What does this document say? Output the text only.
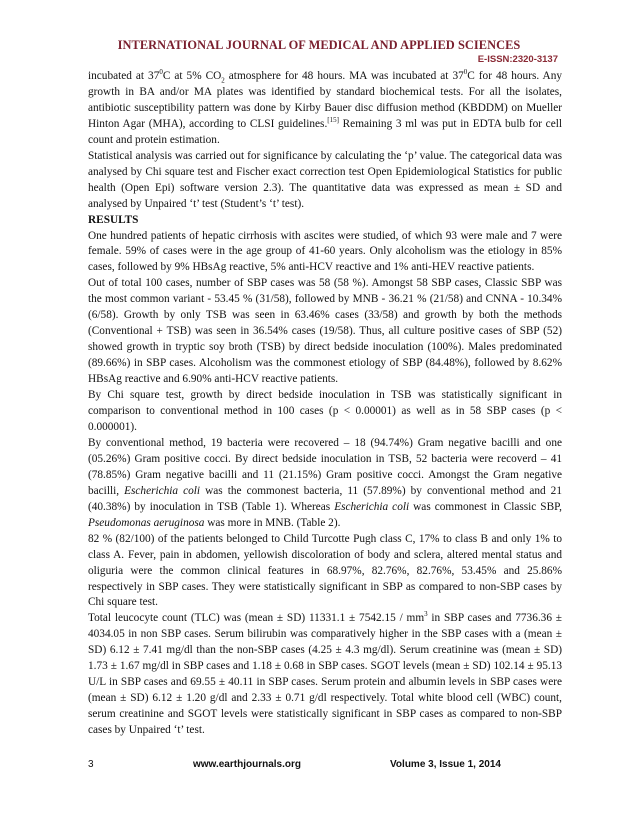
INTERNATIONAL JOURNAL OF MEDICAL AND APPLIED SCIENCES
E-ISSN:2320-3137

incubated at $37^0C$ at 5% $CO_2$ atmosphere for 48 hours. MA was incubated at $37^0C$ for 48 hours. Any growth in BA and/or MA plates was identified by standard biochemical tests. For all the isolates, antibiotic susceptibility pattern was done by Kirby Bauer disc diffusion method (KBDDM) on Mueller Hinton Agar (MHA), according to CLSI guidelines.[15] Remaining 3 ml was put in EDTA bulb for cell count and protein estimation.

Statistical analysis was carried out for significance by calculating the ‘p’ value. The categorical data was analysed by Chi square test and Fischer exact correction test Open Epidemiological Statistics for public health (Open Epi) software version 2.3). The quantitative data was expressed as mean ± SD and analysed by Unpaired ‘t’ test (Student’s ‘t’ test).

RESULTS

One hundred patients of hepatic cirrhosis with ascites were studied, of which 93 were male and 7 were female. 59% of cases were in the age group of 41-60 years. Only alcoholism was the etiology in 85% cases, followed by 9% HBsAg reactive, 5% anti-HCV reactive and 1% anti-HEV reactive patients.

Out of total 100 cases, number of SBP cases was 58 (58 %). Amongst 58 SBP cases, Classic SBP was the most common variant - 53.45 % (31/58), followed by MNB - 36.21 % (21/58) and CNNA - 10.34% (6/58). Growth by only TSB was seen in 63.46% cases (33/58) and growth by both the methods (Conventional + TSB) was seen in 36.54% cases (19/58). Thus, all culture positive cases of SBP (52) showed growth in tryptic soy broth (TSB) by direct bedside inoculation (100%). Males predominated (89.66%) in SBP cases. Alcoholism was the commonest etiology of SBP (84.48%), followed by 8.62% HBsAg reactive and 6.90% anti-HCV reactive patients.

By Chi square test, growth by direct bedside inoculation in TSB was statistically significant in comparison to conventional method in 100 cases (p < 0.00001) as well as in 58 SBP cases (p < 0.000001).

By conventional method, 19 bacteria were recovered – 18 (94.74%) Gram negative bacilli and one (05.26%) Gram positive cocci. By direct bedside inoculation in TSB, 52 bacteria were recoverd – 41 (78.85%) Gram negative bacilli and 11 (21.15%) Gram positive cocci. Amongst the Gram negative bacilli, Escherichia coli was the commonest bacteria, 11 (57.89%) by conventional method and 21 (40.38%) by inoculation in TSB (Table 1). Whereas Escherichia coli was commonest in Classic SBP, Pseudomonas aeruginosa was more in MNB. (Table 2).

82 % (82/100) of the patients belonged to Child Turcotte Pugh class C, 17% to class B and only 1% to class A. Fever, pain in abdomen, yellowish discoloration of body and sclera, altered mental status and oliguria were the common clinical features in 68.97%, 82.76%, 82.76%, 53.45% and 25.86% respectively in SBP cases. They were statistically significant in SBP as compared to non-SBP cases by Chi square test.

Total leucocyte count (TLC) was (mean ± SD) $11331.1 \pm 7542.15 / mm^3$ in SBP cases and 7736.36 ± 4034.05 in non SBP cases. Serum bilirubin was comparatively higher in the SBP cases with a (mean ± SD) 6.12 ± 7.41 mg/dl than the non-SBP cases (4.25 ± 4.3 mg/dl). Serum creatinine was (mean ± SD) 1.73 ± 1.67 mg/dl in SBP cases and 1.18 ± 0.68 in SBP cases. SGOT levels (mean ± SD) 102.14 ± 95.13 U/L in SBP cases and 69.55 ± 40.11 in SBP cases. Serum protein and albumin levels in SBP cases were (mean ± SD) 6.12 ± 1.20 g/dl and 2.33 ± 0.71 g/dl respectively. Total white blood cell (WBC) count, serum creatinine and SGOT levels were statistically significant in SBP cases as compared to non-SBP cases by Unpaired ‘t’ test.

3	www.earthjournals.org	Volume 3, Issue 1, 2014
